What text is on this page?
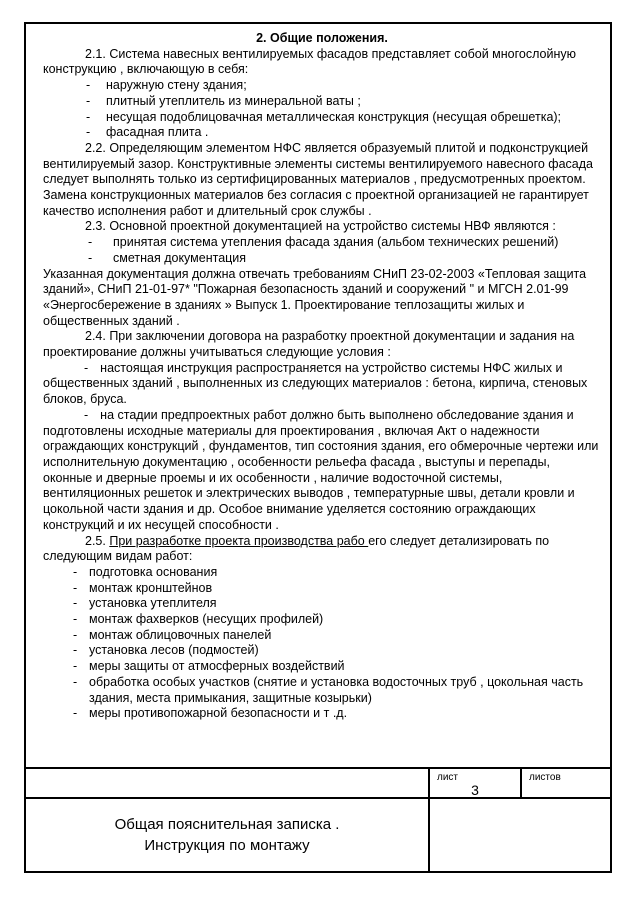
2. Общие положения.

2.1. Система навесных вентилируемых фасадов представляет собой многослойную конструкцию , включающую в себя:

-	наружную стену здания;
-	плитный утеплитель из минеральной ваты ;
-	несущая подоблицовачная металлическая конструкция (несущая обрешетка);
-	фасадная плита .

2.2. Определяющим элементом НФС является образуемый плитой и подконструкцией вентилируемый зазор. Конструктивные элементы системы вентилируемого навесного фасада следует выполнять только из сертифицированных материалов , предусмотренных проектом. Замена конструкционных материалов без согласия с проектной организацией не гарантирует качество исполнения работ и длительный срок службы .

2.3. Основной проектной документацией на устройство системы НВФ являются :

-	принятая система утепления фасада здания (альбом технических решений)
-	сметная документация

Указанная документация должна отвечать требованиям СНиП 23-02-2003 «Тепловая защита зданий», СНиП 21-01-97* "Пожарная безопасность зданий и сооружений " и МГСН 2.01-99 «Энергосбережение в зданиях » Выпуск 1. Проектирование теплозащиты жилых и общественных зданий .

2.4. При заключении договора на разработку проектной документации и задания на проектирование должны учитываться следующие условия :

- настоящая инструкция распространяется на устройство системы НФС жилых и общественных зданий , выполненных из следующих материалов : бетона, кирпича, стеновых блоков, бруса.

- на стадии предпроектных работ должно быть выполнено обследование здания и подготовлены исходные материалы для проектирования , включая Акт о надежности ограждающих конструкций , фундаментов, тип состояния здания, его обмерочные чертежи или исполнительную документацию , особенности рельефа фасада , выступы и перепады, оконные и дверные проемы и их особенности , наличие водосточной системы, вентиляционных решеток и электрических выводов , температурные швы, детали кровли и цокольной части здания и др. Особое внимание уделяется состоянию ограждающих конструкций и их несущей способности .

2.5. При разработке проекта производства рабо его следует детализировать по следующим видам работ:

- подготовка основания
- монтаж кронштейнов
- установка утеплителя
- монтаж фахверков (несущих профилей)
- монтаж облицовочных панелей
- установка лесов (подмостей)
- меры защиты от атмосферных воздействий
- обработка особых участков (снятие и установка водосточных труб , цокольная часть здания, места примыкания, защитные козырьки)
- меры противопожарной безопасности и т .д.
лист
3
листов
Общая пояснительная записка .
Инструкция по монтажу
